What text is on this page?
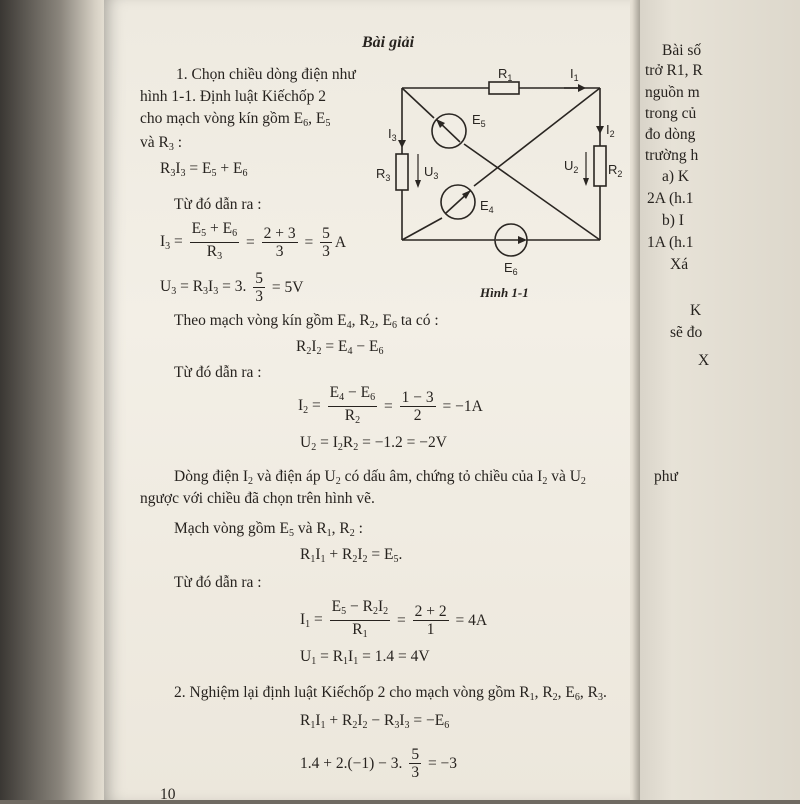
Bài số
trở R1, R
nguồn m
trong củ
đo dòng
trường h
a) K
2A (h.1
b) I
1A (h.1
Xá
K
sẽ đo
X
phư
Bài giải
1. Chọn chiều dòng điện như
hình 1-1. Định luật Kiếchốp 2
cho mạch vòng kín gồm $E_6$, $E_5$
và $R_3$ :
$R_3I_3 = E_5 + E_6$
Từ đó dẫn ra :
$I_3 = \frac{E_5 + E_6}{R_3} = \frac{2 + 3}{3} = \frac{5}{3}$ A
$U_3 = R_3I_3 = 3$. $\frac{5}{3} = 5V$
Theo mạch vòng kín gồm $E_4$, $R_2$, $E_6$ ta có :
$R_2I_2 = E_4 - E_6$
Từ đó dẫn ra :
$I_2 = \frac{E_4 - E_6}{R_2} = \frac{1 - 3}{2} = -1A$
$U_2 = I_2R_2 = -1.2 = -2V$
Dòng điện $I_2$ và điện áp $U_2$ có dấu âm, chứng tỏ chiều của $I_2$ và $U_2$
ngược với chiều đã chọn trên hình vẽ.
Mạch vòng gồm $E_5$ và $R_1$, $R_2$ :
$R_1I_1 + R_2I_2 = E_5$.
Từ đó dẫn ra :
$I_1 = \frac{E_5 - R_2I_2}{R_1} = \frac{2 + 2}{1} = 4A$
$U_1 = R_1I_1 = 1.4 = 4V$
2. Nghiệm lại định luật Kiếchốp 2 cho mạch vòng gồm $R_1$, $R_2$, $E_6$, $R_3$.
$R_1I_1 + R_2I_2 - R_3I_3 = -E_6$
1.4 + 2.(−1) − 3. $\frac{5}{3} = -3$
10
$R_1$	$I_1$
$E_5$
$I_3$
$R_3$	$U_3$
$I_2$
$U_2$ $R_2$
$E_4$
$E_6$
Hình 1-1
